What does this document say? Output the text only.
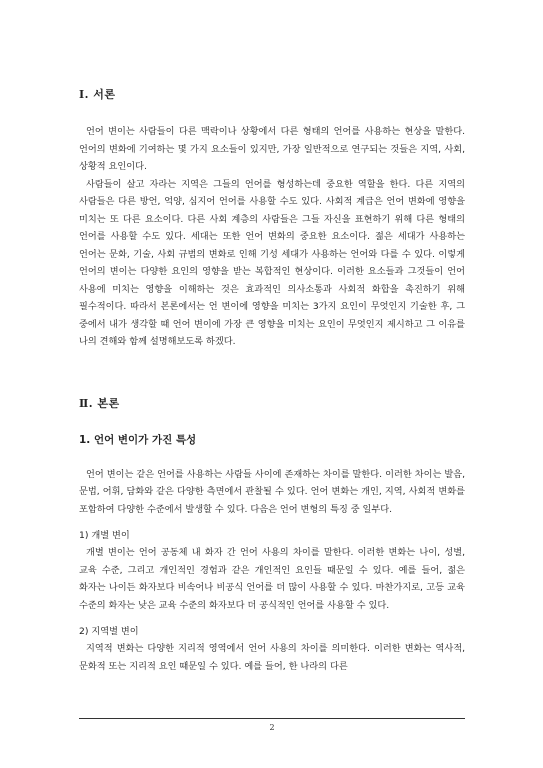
Ⅰ. 서론

언어 변이는 사람들이 다른 맥락이나 상황에서 다른 형태의 언어를 사용하는 현상을 말한다. 언어의 변화에 기여하는 몇 가지 요소들이 있지만, 가장 일반적으로 연구되는 것들은 지역, 사회, 상황적 요인이다.

사람들이 살고 자라는 지역은 그들의 언어를 형성하는데 중요한 역할을 한다. 다른 지역의 사람들은 다른 방언, 억양, 심지어 언어를 사용할 수도 있다. 사회적 계급은 언어 변화에 영향을 미치는 또 다른 요소이다. 다른 사회 계층의 사람들은 그들 자신을 표현하기 위해 다른 형태의 언어를 사용할 수도 있다. 세대는 또한 언어 변화의 중요한 요소이다. 젊은 세대가 사용하는 언어는 문화, 기술, 사회 규범의 변화로 인해 기성 세대가 사용하는 언어와 다를 수 있다. 이렇게 언어의 변이는 다양한 요인의 영향을 받는 복합적인 현상이다. 이러한 요소들과 그것들이 언어 사용에 미치는 영향을 이해하는 것은 효과적인 의사소통과 사회적 화합을 촉진하기 위해 필수적이다. 따라서 본론에서는 언 변이에 영향을 미치는 3가지 요인이 무엇인지 기술한 후, 그 중에서 내가 생각할 때 언어 변이에 가장 큰 영향을 미치는 요인이 무엇인지 제시하고 그 이유를 나의 견해와 함께 설명해보도록 하겠다.

Ⅱ. 본론
1. 언어 변이가 가진 특성

언어 변이는 같은 언어를 사용하는 사람들 사이에 존재하는 차이를 말한다. 이러한 차이는 발음, 문법, 어휘, 담화와 같은 다양한 측면에서 관찰될 수 있다. 언어 변화는 개인, 지역, 사회적 변화를 포함하여 다양한 수준에서 발생할 수 있다. 다음은 언어 변형의 특징 중 일부다.

1) 개별 변이

개별 변이는 언어 공동체 내 화자 간 언어 사용의 차이를 말한다. 이러한 변화는 나이, 성별, 교육 수준, 그리고 개인적인 경험과 같은 개인적인 요인들 때문일 수 있다. 예를 들어, 젊은 화자는 나이든 화자보다 비속어나 비공식 언어를 더 많이 사용할 수 있다. 마찬가지로, 고등 교육 수준의 화자는 낮은 교육 수준의 화자보다 더 공식적인 언어를 사용할 수 있다.

2) 지역별 변이

지역적 변화는 다양한 지리적 영역에서 언어 사용의 차이를 의미한다. 이러한 변화는 역사적, 문화적 또는 지리적 요인 때문일 수 있다. 예를 들어, 한 나라의 다른

2
